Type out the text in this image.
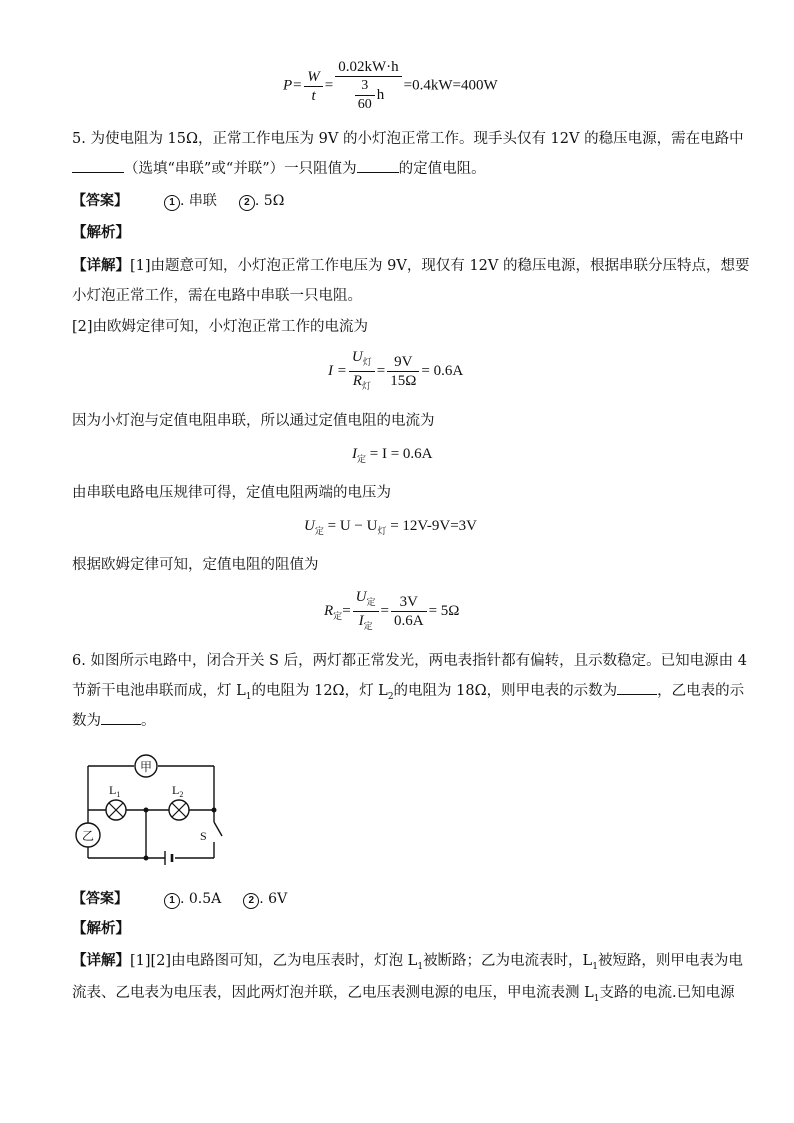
$P= \frac{W}{t} = \frac{0.02kW\cdot h}{\frac{3}{60} h} =0.4kW=400W$
5. 为使电阻为 15Ω，正常工作电压为 9V 的小灯泡正常工作。现手头仅有 12V 的稳压电源，需在电路中
（选填“串联”或“并联”）一只阻值为	的定值电阻。
【答案】	1 . 串联	2 . 5Ω
【解析】
【详解】[1]由题意可知，小灯泡正常工作电压为 9V，现仅有 12V 的稳压电源，根据串联分压特点，想要
小灯泡正常工作，需在电路中串联一只电阻。
[2]由欧姆定律可知，小灯泡正常工作的电流为
$I = \frac{U_灯}{R_灯} = \frac{9V}{15\Omega} = 0.6A$
因为小灯泡与定值电阻串联，所以通过定值电阻的电流为
$I_定 = I = 0.6A$
由串联电路电压规律可得，定值电阻两端的电压为
$U_定 = U - U_灯 = 12V-9V=3V$
根据欧姆定律可知，定值电阻的阻值为
$R_定= \frac{U_定}{I_定} = \frac{3V}{0.6A} = 5\Omega$
6. 如图所示电路中，闭合开关 S 后，两灯都正常发光，两电表指针都有偏转，且示数稳定。已知电源由 4
节新干电池串联而成，灯 $L_1$的电阻为 12Ω，灯 $L_2$的电阻为 18Ω，则甲电表的示数为	，乙电表的示
数为	。
甲
乙
$L_1$	$L_2$
S
【答案】	1 . 0.5A	2 . 6V
【解析】
【详解】[1][2]由电路图可知，乙为电压表时，灯泡 $L_1$被断路；乙为电流表时，$L_1$被短路，则甲电表为电
流表、乙电表为电压表，因此两灯泡并联，乙电压表测电源的电压，甲电流表测 $L_1$支路的电流.已知电源
